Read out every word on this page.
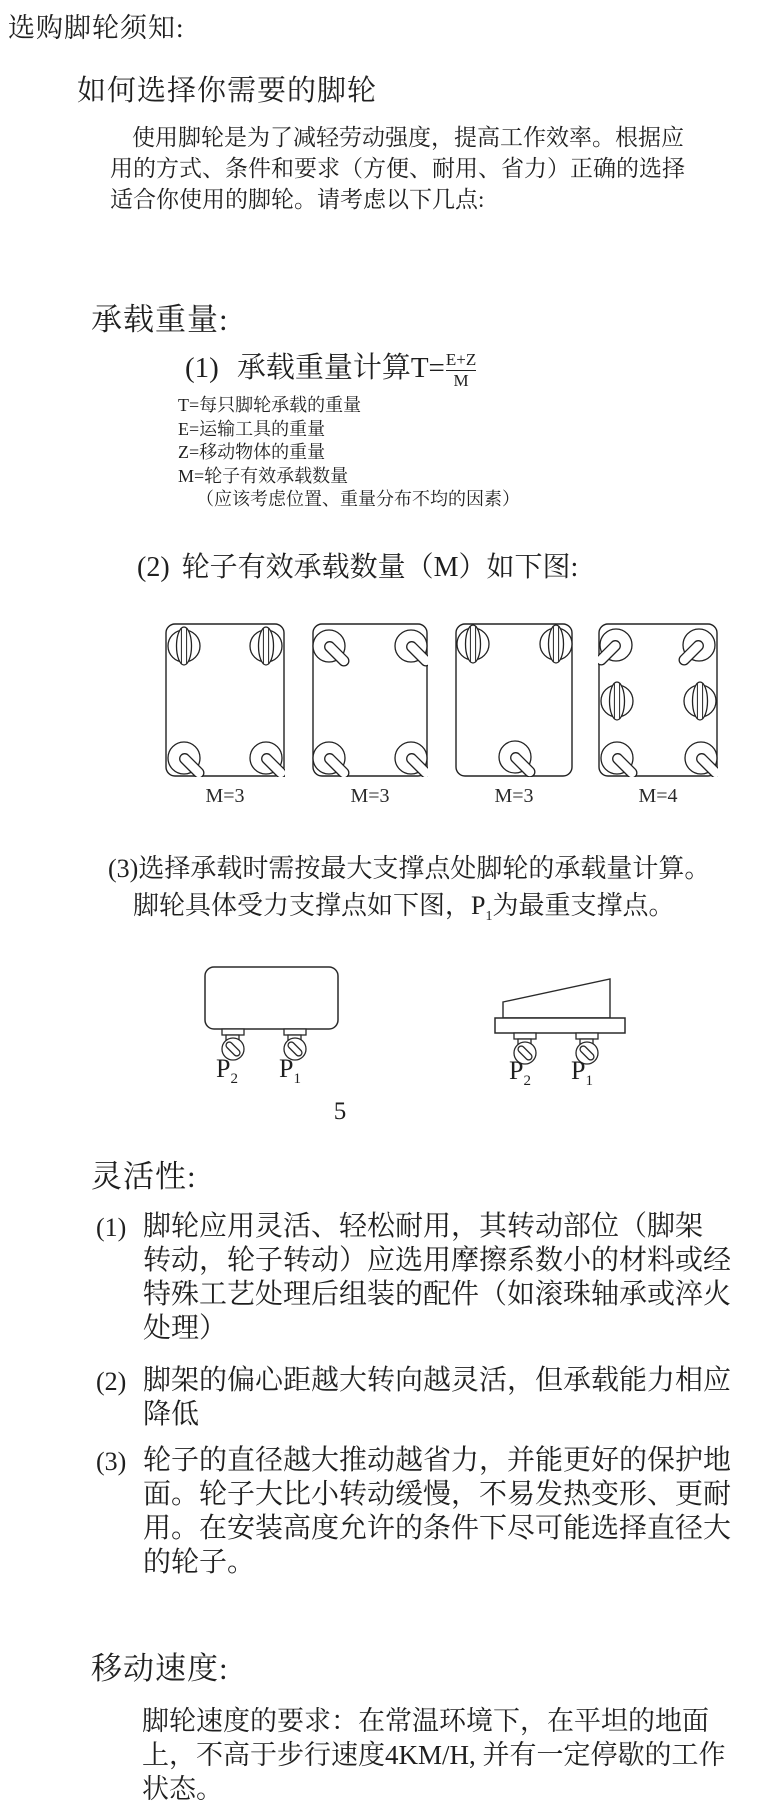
选购脚轮须知:
如何选择你需要的脚轮
使用脚轮是为了减轻劳动强度，提高工作效率。根据应
用的方式、条件和要求（方便、耐用、省力）正确的选择
适合你使用的脚轮。请考虑以下几点:
承载重量:
(1) 承载重量计算$T= \frac{E+Z}{M}$
T=每只脚轮承载的重量
E=运输工具的重量
Z=移动物体的重量
M=轮子有效承载数量
（应该考虑位置、重量分布不均的因素）
(2) 轮子有效承载数量（M）如下图:
M=3	M=3	M=3	M=4
(3)选择承载时需按最大支撑点处脚轮的承载量计算。
脚轮具体受力支撑点如下图，$P_1$为最重支撑点。
$P_2$ $P_1$	$P_2$ $P_1$
5
灵活性:
(1) 脚轮应用灵活、轻松耐用，其转动部位（脚架
转动，轮子转动）应选用摩擦系数小的材料或经
特殊工艺处理后组装的配件（如滚珠轴承或淬火
处理）
(2) 脚架的偏心距越大转向越灵活，但承载能力相应
降低
(3) 轮子的直径越大推动越省力，并能更好的保护地
面。轮子大比小转动缓慢，不易发热变形、更耐
用。在安装高度允许的条件下尽可能选择直径大
的轮子。
移动速度:
脚轮速度的要求：在常温环境下，在平坦的地面
上，不高于步行速度4KM/H, 并有一定停歇的工作
状态。
